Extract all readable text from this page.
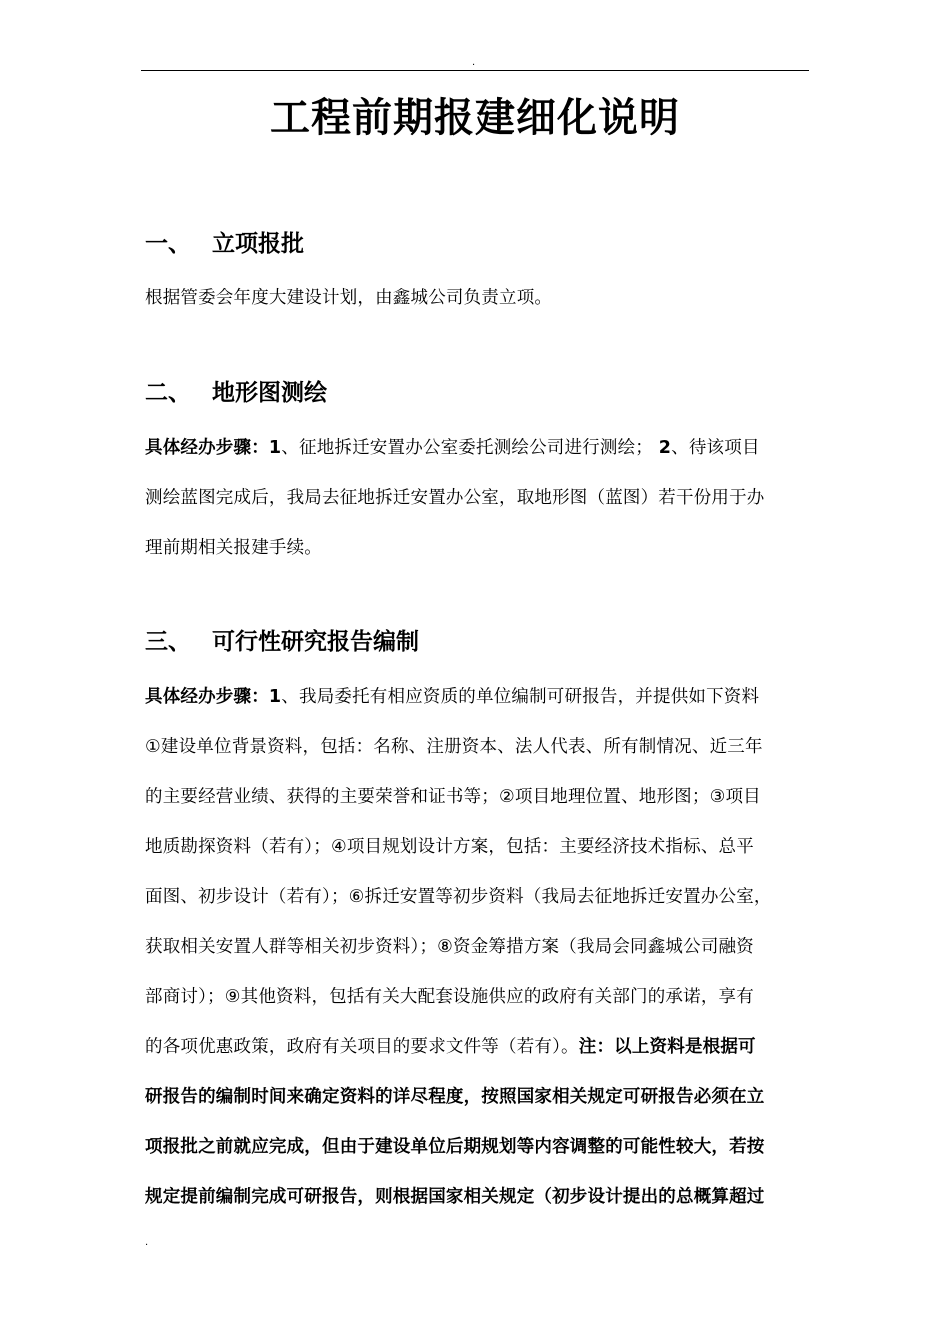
.
工程前期报建细化说明
一、 立项报批
根据管委会年度大建设计划，由鑫城公司负责立项。
二、 地形图测绘
具体经办步骤：1、征地拆迁安置办公室委托测绘公司进行测绘； 2、待该项目
测绘蓝图完成后，我局去征地拆迁安置办公室，取地形图（蓝图）若干份用于办
理前期相关报建手续。
三、 可行性研究报告编制
具体经办步骤：1、我局委托有相应资质的单位编制可研报告，并提供如下资料
①建设单位背景资料，包括：名称、注册资本、法人代表、所有制情况、近三年
的主要经营业绩、获得的主要荣誉和证书等；②项目地理位置、地形图；③项目
地质勘探资料（若有）；④项目规划设计方案，包括：主要经济技术指标、总平
面图、初步设计（若有）；⑥拆迁安置等初步资料（我局去征地拆迁安置办公室，
获取相关安置人群等相关初步资料）；⑧资金筹措方案（我局会同鑫城公司融资
部商讨）；⑨其他资料，包括有关大配套设施供应的政府有关部门的承诺，享有
的各项优惠政策，政府有关项目的要求文件等（若有）。注：以上资料是根据可
研报告的编制时间来确定资料的详尽程度，按照国家相关规定可研报告必须在立
项报批之前就应完成，但由于建设单位后期规划等内容调整的可能性较大，若按
规定提前编制完成可研报告，则根据国家相关规定（初步设计提出的总概算超过
.
